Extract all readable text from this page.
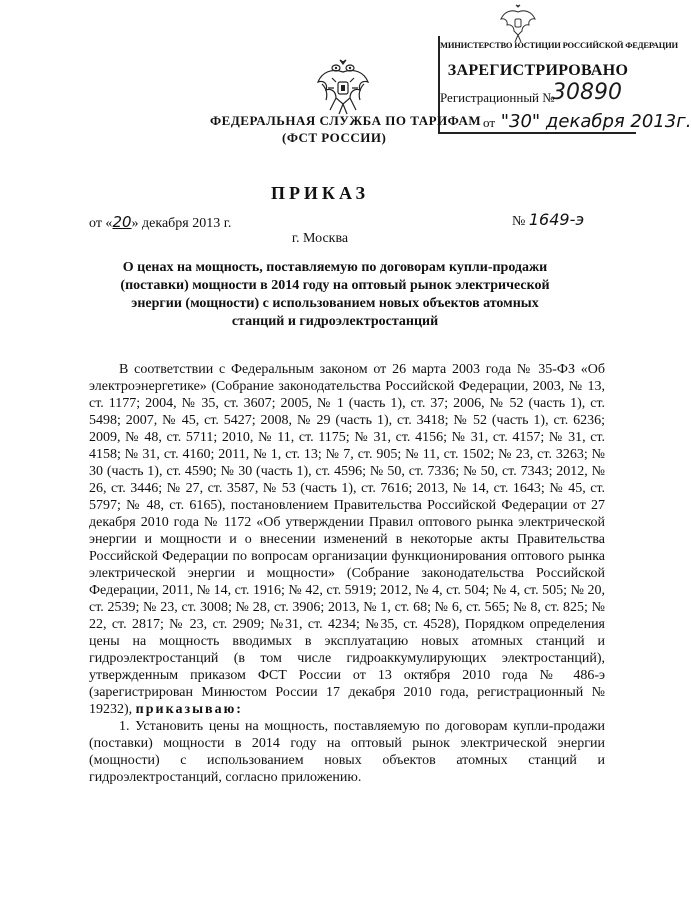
МИНИСТЕРСТВО ЮСТИЦИИ РОССИЙСКОЙ ФЕДЕРАЦИИ
ЗАРЕГИСТРИРОВАНО
Регистрационный №
30890
от "30" декабря 2013г.
ФЕДЕРАЛЬНАЯ СЛУЖБА ПО ТАРИФАМ
(ФСТ РОССИИ)
ПРИКАЗ
от «20» декабря 2013 г.	№ 1649-э
г. Москва
О ценах на мощность, поставляемую по договорам купли-продажи (поставки) мощности в 2014 году на оптовый рынок электрической энергии (мощности) с использованием новых объектов атомных станций и гидроэлектростанций

В соответствии с Федеральным законом от 26 марта 2003 года № 35-ФЗ «Об электроэнергетике» (Собрание законодательства Российской Федерации, 2003, № 13, ст. 1177; 2004, № 35, ст. 3607; 2005, № 1 (часть 1), ст. 37; 2006, № 52 (часть 1), ст. 5498; 2007, № 45, ст. 5427; 2008, № 29 (часть 1), ст. 3418; № 52 (часть 1), ст. 6236; 2009, № 48, ст. 5711; 2010, № 11, ст. 1175; № 31, ст. 4156; № 31, ст. 4157; № 31, ст. 4158; № 31, ст. 4160; 2011, № 1, ст. 13; № 7, ст. 905; № 11, ст. 1502; № 23, ст. 3263; № 30 (часть 1), ст. 4590; № 30 (часть 1), ст. 4596; № 50, ст. 7336; № 50, ст. 7343; 2012, № 26, ст. 3446; № 27, ст. 3587, № 53 (часть 1), ст. 7616; 2013, № 14, ст. 1643; № 45, ст. 5797; № 48, ст. 6165), постановлением Правительства Российской Федерации от 27 декабря 2010 года № 1172 «Об утверждении Правил оптового рынка электрической энергии и мощности и о внесении изменений в некоторые акты Правительства Российской Федерации по вопросам организации функционирования оптового рынка электрической энергии и мощности» (Собрание законодательства Российской Федерации, 2011, № 14, ст. 1916; № 42, ст. 5919; 2012, № 4, ст. 504; № 4, ст. 505; № 20, ст. 2539; № 23, ст. 3008; № 28, ст. 3906; 2013, № 1, ст. 68; № 6, ст. 565; № 8, ст. 825; № 22, ст. 2817; № 23, ст. 2909; №31, ст. 4234; №35, ст. 4528), Порядком определения цены на мощность вводимых в эксплуатацию новых атомных станций и гидроэлектростанций (в том числе гидроаккумулирующих электростанций), утвержденным приказом ФСТ России от 13 октября 2010 года № 486-э (зарегистрирован Минюстом России 17 декабря 2010 года, регистрационный № 19232), приказываю:

1. Установить цены на мощность, поставляемую по договорам купли-продажи (поставки) мощности в 2014 году на оптовый рынок электрической энергии (мощности) с использованием новых объектов атомных станций и гидроэлектростанций, согласно приложению.
